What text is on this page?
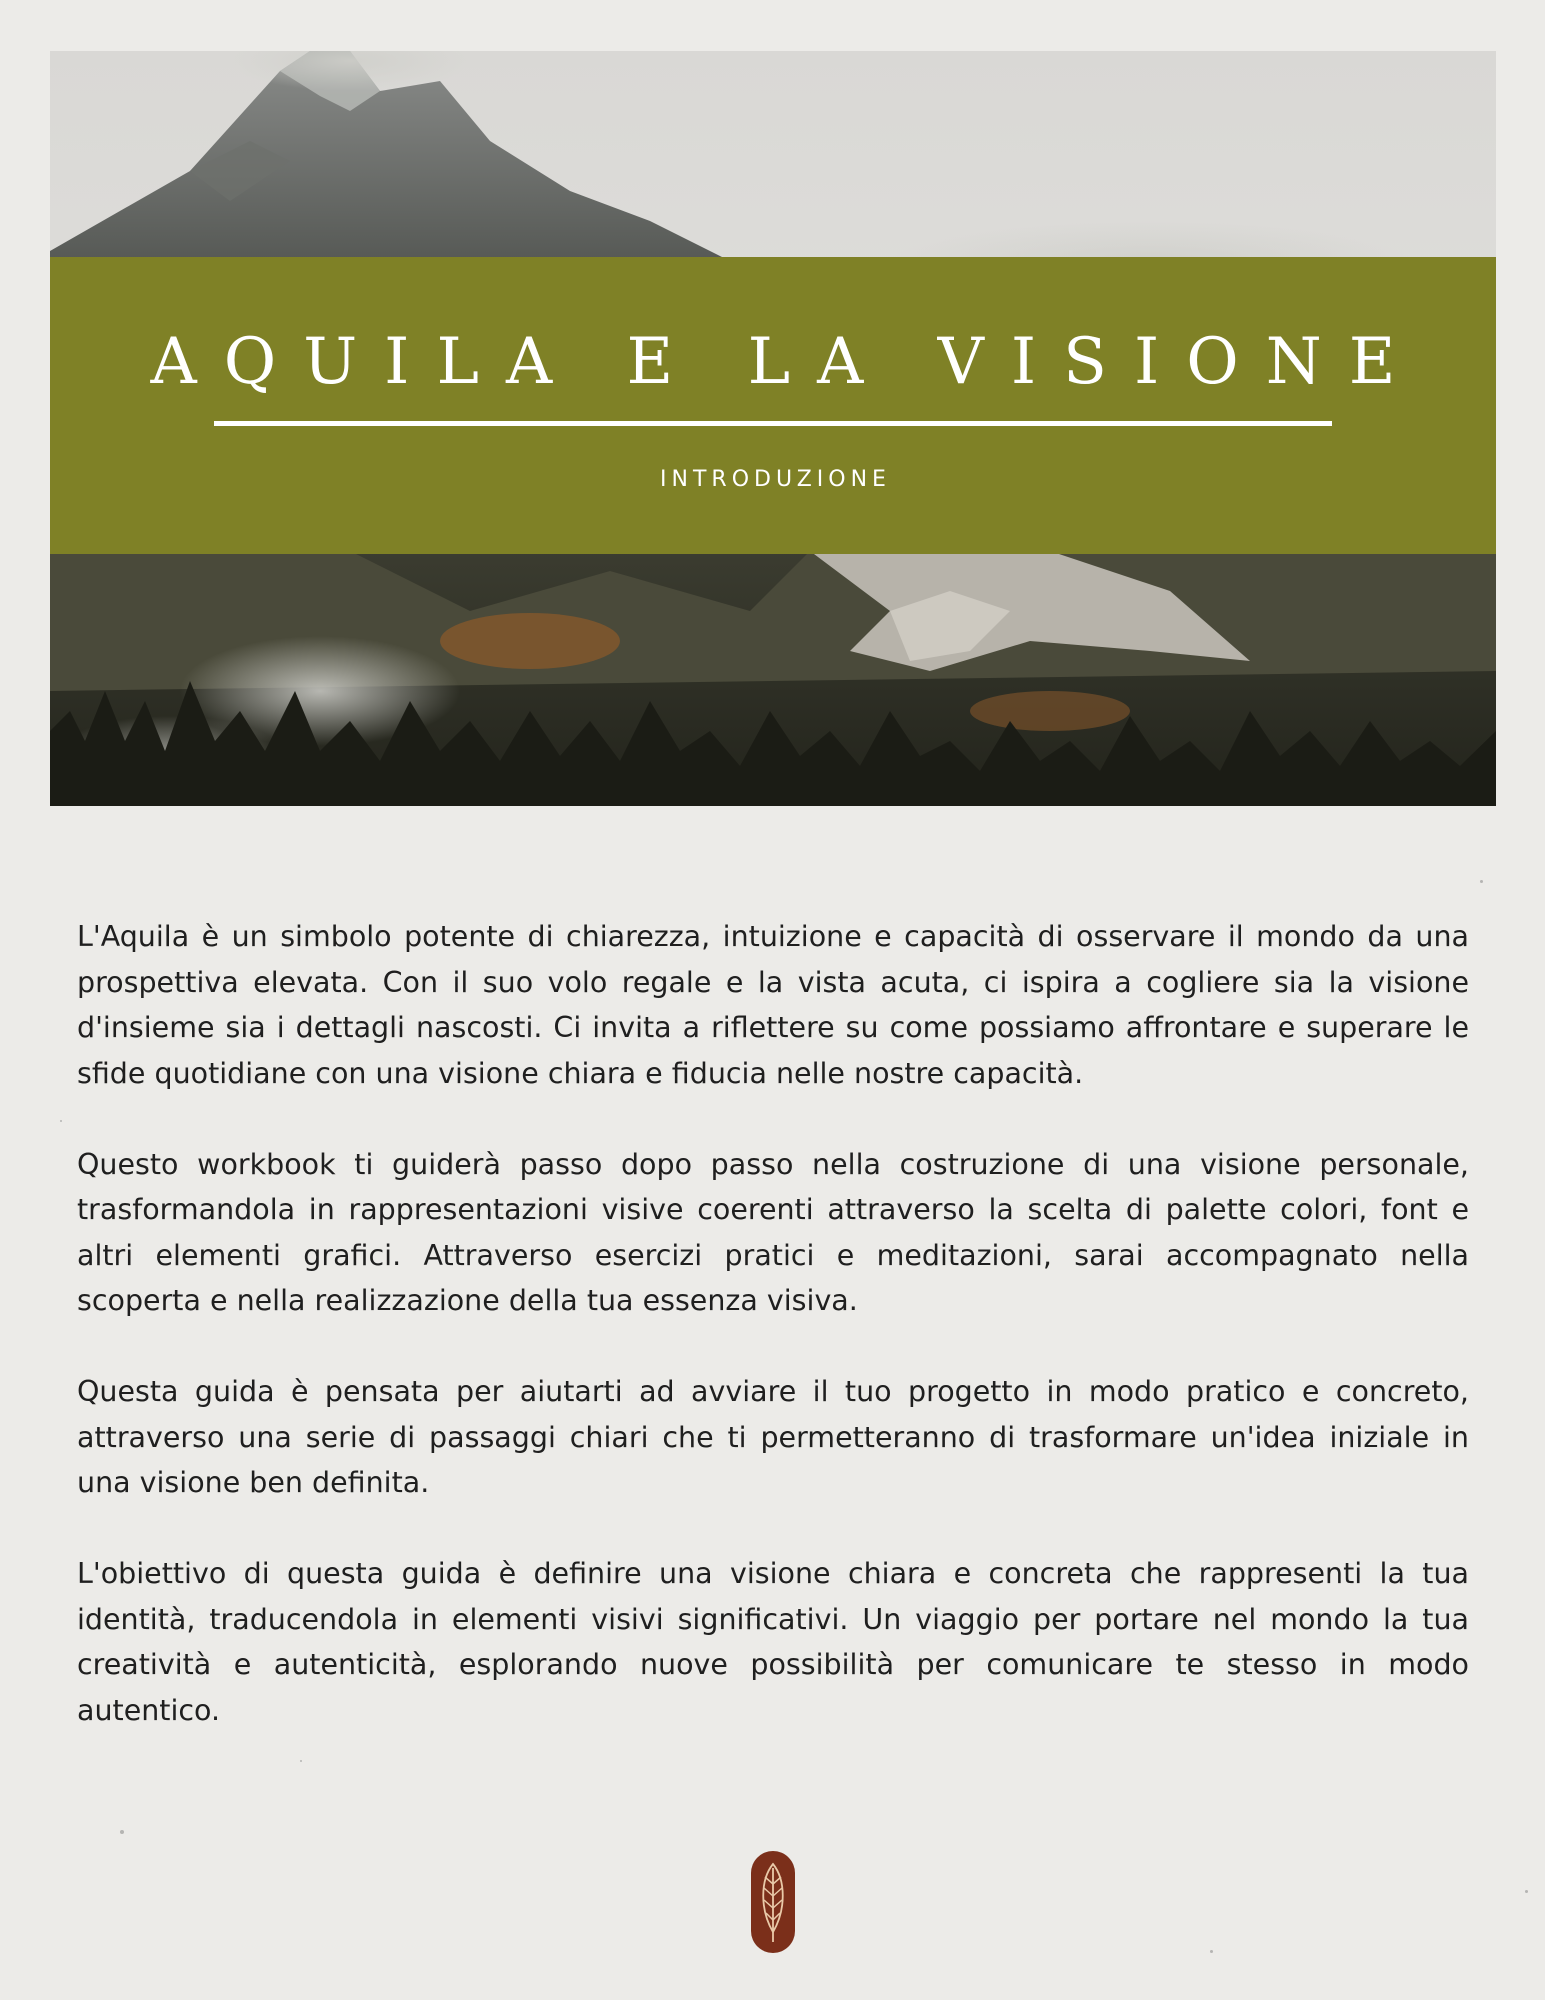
AQUILA E LA VISIONE
INTRODUZIONE

L'Aquila è un simbolo potente di chiarezza, intuizione e capacità di osservare il mondo da una prospettiva elevata. Con il suo volo regale e la vista acuta, ci ispira a cogliere sia la visione d'insieme sia i dettagli nascosti. Ci invita a riflettere su come possiamo affrontare e superare le sfide quotidiane con una visione chiara e fiducia nelle nostre capacità.

Questo workbook ti guiderà passo dopo passo nella costruzione di una visione personale, trasformandola in rappresentazioni visive coerenti attraverso la scelta di palette colori, font e altri elementi grafici. Attraverso esercizi pratici e meditazioni, sarai accompagnato nella scoperta e nella realizzazione della tua essenza visiva.

Questa guida è pensata per aiutarti ad avviare il tuo progetto in modo pratico e concreto, attraverso una serie di passaggi chiari che ti permetteranno di trasformare un'idea iniziale in una visione ben definita.

L'obiettivo di questa guida è definire una visione chiara e concreta che rappresenti la tua identità, traducendola in elementi visivi significativi. Un viaggio per portare nel mondo la tua creatività e autenticità, esplorando nuove possibilità per comunicare te stesso in modo autentico.
